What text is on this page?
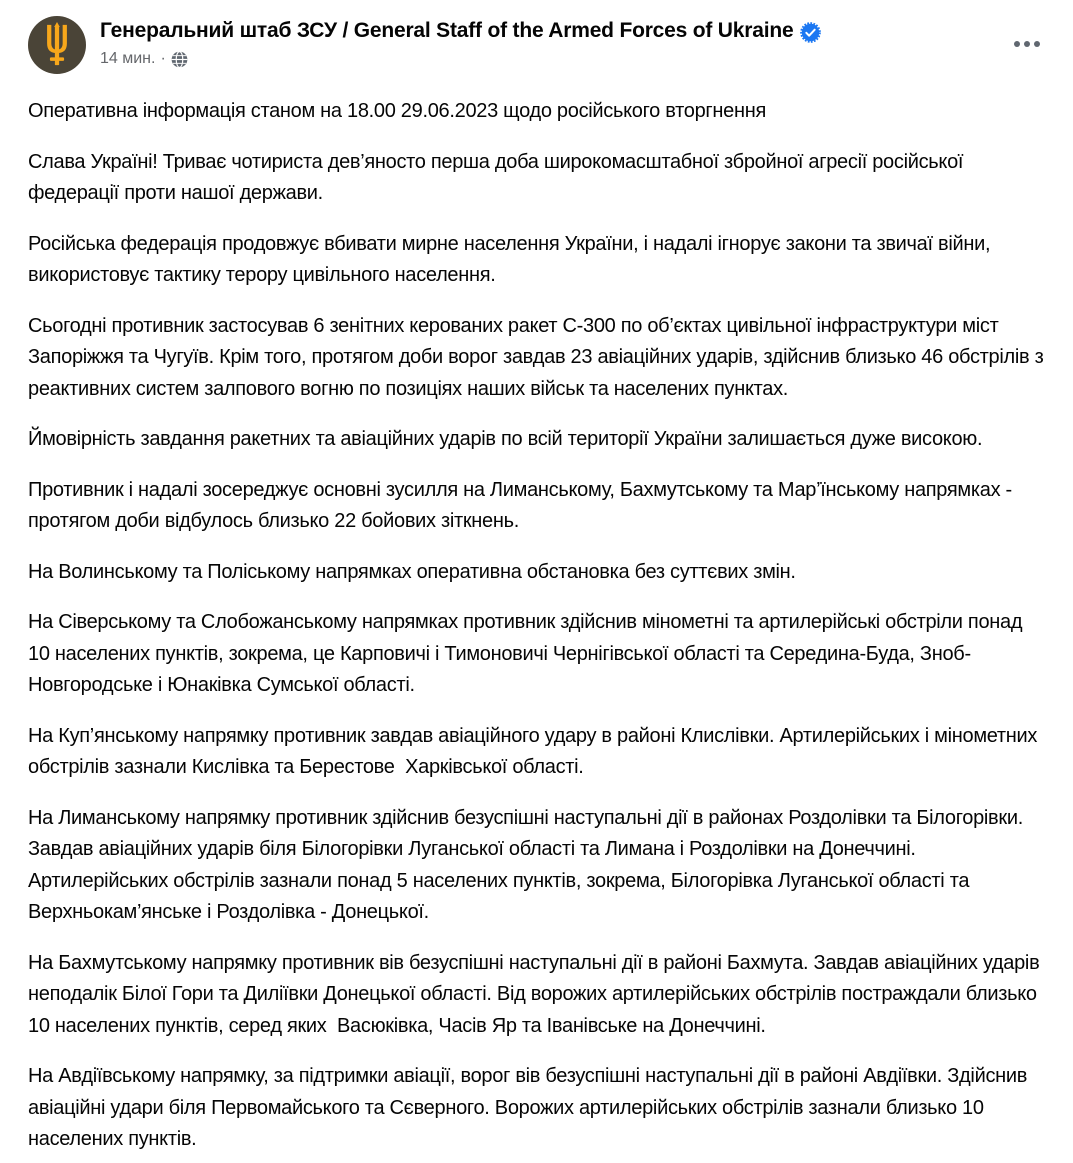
Генеральний штаб ЗСУ / General Staff of the Armed Forces of Ukraine
14 мин. ·

Оперативна інформація станом на 18.00 29.06.2023 щодо російського вторгнення

Слава Україні! Триває чотириста дев’яносто перша доба широкомасштабної збройної агресії російської федерації проти нашої держави.

Російська федерація продовжує вбивати мирне населення України, і надалі ігнорує закони та звичаї війни, використовує тактику терору цивільного населення.

Сьогодні противник застосував 6 зенітних керованих ракет С-300 по об’єктах цивільної інфраструктури міст Запоріжжя та Чугуїв. Крім того, протягом доби ворог завдав 23 авіаційних ударів, здійснив близько 46 обстрілів з реактивних систем залпового вогню по позиціях наших військ та населених пунктах.

Ймовірність завдання ракетних та авіаційних ударів по всій території України залишається дуже високою.

Противник і надалі зосереджує основні зусилля на Лиманському, Бахмутському та Мар’їнському напрямках - протягом доби відбулось близько 22 бойових зіткнень.

На Волинському та Поліському напрямках оперативна обстановка без суттєвих змін.

На Сіверському та Слобожанському напрямках противник здійснив мінометні та артилерійські обстріли понад 10 населених пунктів, зокрема, це Карповичі і Тимоновичі Чернігівської області та Середина-Буда, Зноб-Новгородське і Юнаківка Сумської області.

На Куп’янському напрямку противник завдав авіаційного удару в районі Клислівки. Артилерійських і мінометних обстрілів зазнали Кислівка та Берестове  Харківської області.

На Лиманському напрямку противник здійснив безуспішні наступальні дії в районах Роздолівки та Білогорівки. Завдав авіаційних ударів біля Білогорівки Луганської області та Лимана і Роздолівки на Донеччині. Артилерійських обстрілів зазнали понад 5 населених пунктів, зокрема, Білогорівка Луганської області та Верхньокам’янське і Роздолівка - Донецької.

На Бахмутському напрямку противник вів безуспішні наступальні дії в районі Бахмута. Завдав авіаційних ударів неподалік Білої Гори та Диліївки Донецької області. Від ворожих артилерійських обстрілів постраждали близько 10 населених пунктів, серед яких  Васюківка, Часів Яр та Іванівське на Донеччині.

На Авдіївському напрямку, за підтримки авіації, ворог вів безуспішні наступальні дії в районі Авдіївки. Здійснив авіаційні удари біля Первомайського та Сєверного. Ворожих артилерійських обстрілів зазнали близько 10 населених пунктів.
